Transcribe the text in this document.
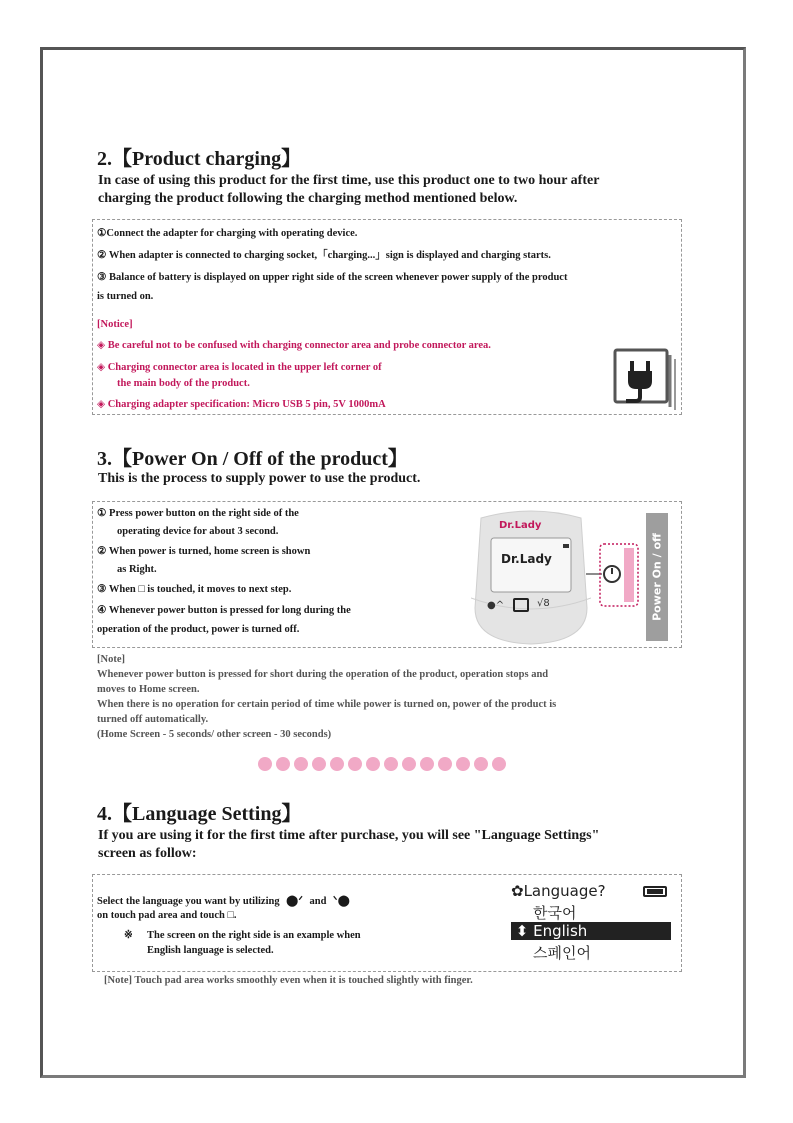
2.【Product charging】
In case of using this product for the first time, use this product one to two hour after
charging the product following the charging method mentioned below.
①Connect the adapter for charging with operating device.
② When adapter is connected to charging socket,「charging...」sign is displayed and charging starts.
③ Balance of battery is displayed on upper right side of the screen whenever power supply of the product
is turned on.
[Notice]
◈ Be careful not to be confused with charging connector area and probe connector area.
◈ Charging connector area is located in the upper left corner of
the main body of the product.
◈ Charging adapter specification: Micro USB 5 pin, 5V 1000mA
3.【Power On / Off of the product】
This is the process to supply power to use the product.
① Press power button on the right side of the
operating device for about 3 second.
② When power is turned, home screen is shown
as Right.
③ When □ is touched, it moves to next step.
④ Whenever power button is pressed for long during the
operation of the product, power is turned off.
Dr.Lady
Dr.Lady
●^	√8	Power On / off
[Note]
Whenever power button is pressed for short during the operation of the product, operation stops and
moves to Home screen.
When there is no operation for certain period of time while power is turned on, power of the product is
turned off automatically.
(Home Screen - 5 seconds/ other screen - 30 seconds)
4.【Language Setting】
If you are using it for the first time after purchase, you will see "Language Settings"
screen as follow:
Select the language you want by utilizing  ⬤ᐟ  and  ᐠ⬤
on touch pad area and touch □.
※ The screen on the right side is an example when
English language is selected.
✿Language?
한국어
⬍ English
스페인어
[Note] Touch pad area works smoothly even when it is touched slightly with finger.
